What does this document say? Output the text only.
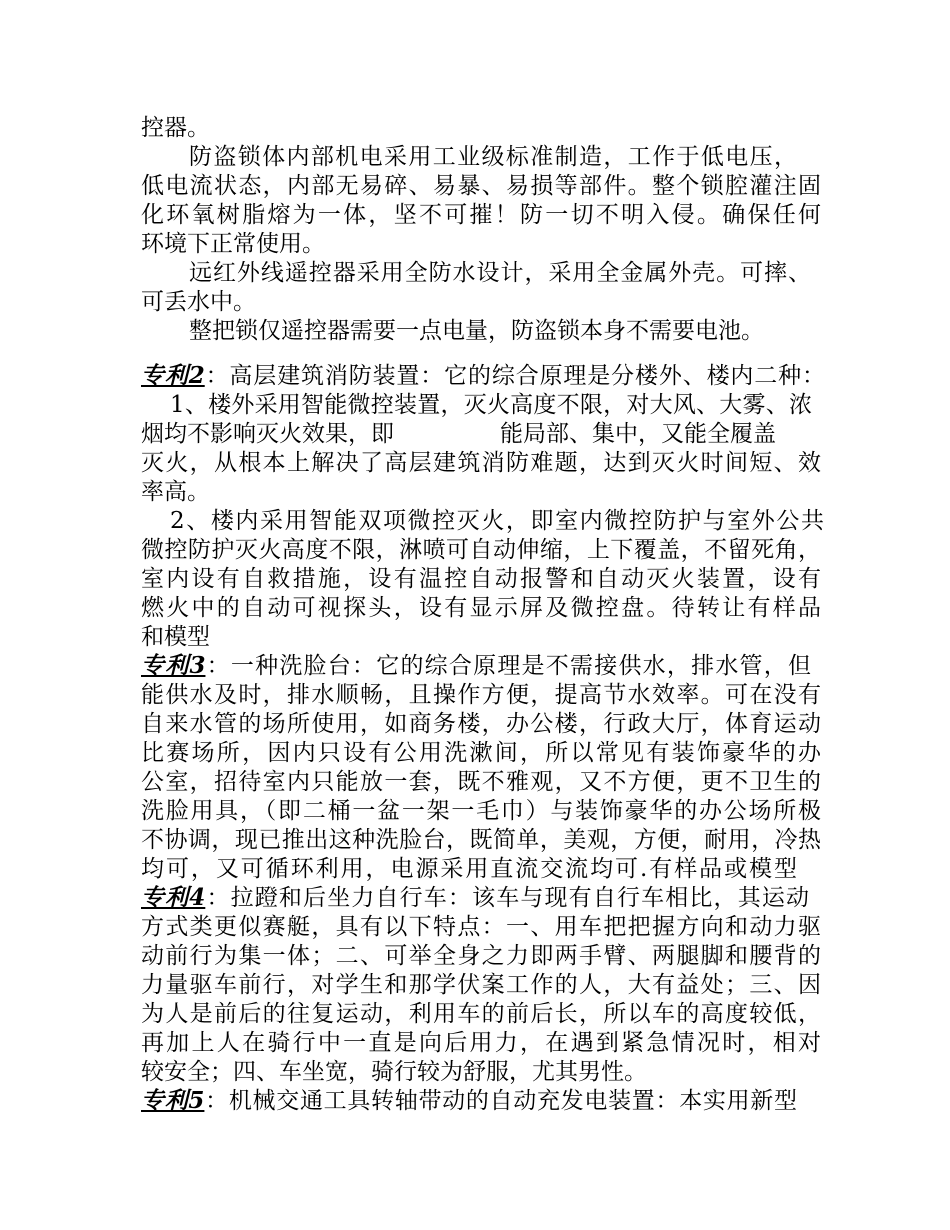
控器。
防盗锁体内部机电采用工业级标准制造，工作于低电压，
低电流状态，内部无易碎、易暴、易损等部件。整个锁腔灌注固
化环氧树脂熔为一体，坚不可摧！防一切不明入侵。确保任何
环境下正常使用。
远红外线遥控器采用全防水设计，采用全金属外壳。可摔、
可丢水中。
整把锁仅遥控器需要一点电量，防盗锁本身不需要电池。
专利2：高层建筑消防装置：它的综合原理是分楼外、楼内二种：
1、楼外采用智能微控装置，灭火高度不限，对大风、大雾、浓
烟均不影响灭火效果，即	能局部、集中，又能全履盖
灭火，从根本上解决了高层建筑消防难题，达到灭火时间短、效
率高。
2、楼内采用智能双项微控灭火，即室内微控防护与室外公共
微控防护灭火高度不限，淋喷可自动伸缩，上下覆盖，不留死角，
室内设有自救措施，设有温控自动报警和自动灭火装置，设有
燃火中的自动可视探头，设有显示屏及微控盘。待转让有样品
和模型
专利3：一种洗脸台：它的综合原理是不需接供水，排水管，但
能供水及时，排水顺畅，且操作方便，提高节水效率。可在没有
自来水管的场所使用，如商务楼，办公楼，行政大厅，体育运动
比赛场所，因内只设有公用洗漱间，所以常见有装饰豪华的办
公室，招待室内只能放一套，既不雅观，又不方便，更不卫生的
洗脸用具，（即二桶一盆一架一毛巾）与装饰豪华的办公场所极
不协调，现已推出这种洗脸台，既简单，美观，方便，耐用，冷热
均可，又可循环利用，电源采用直流交流均可.有样品或模型
专利4：拉蹬和后坐力自行车：该车与现有自行车相比，其运动
方式类更似赛艇，具有以下特点：一、用车把把握方向和动力驱
动前行为集一体；二、可举全身之力即两手臂、两腿脚和腰背的
力量驱车前行，对学生和那学伏案工作的人，大有益处；三、因
为人是前后的往复运动，利用车的前后长，所以车的高度较低，
再加上人在骑行中一直是向后用力，在遇到紧急情况时，相对
较安全；四、车坐宽，骑行较为舒服，尤其男性。
专利5：机械交通工具转轴带动的自动充发电装置：本实用新型
